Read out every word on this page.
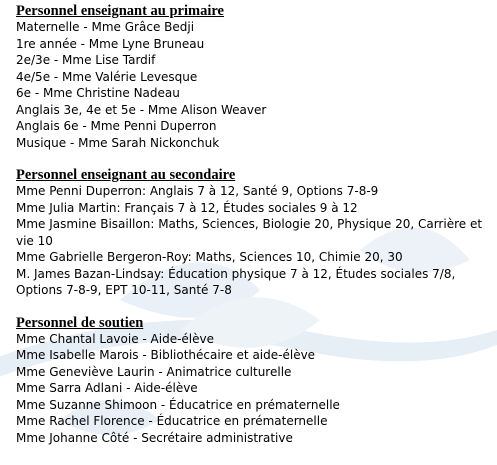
Personnel enseignant au primaire
Maternelle - Mme Grâce Bedji
1re année - Mme Lyne Bruneau
2e/3e - Mme Lise Tardif
4e/5e - Mme Valérie Levesque
6e - Mme Christine Nadeau
Anglais 3e, 4e et 5e - Mme Alison Weaver
Anglais 6e - Mme Penni Duperron
Musique - Mme Sarah Nickonchuk
Personnel enseignant au secondaire
Mme Penni Duperron: Anglais 7 à 12, Santé 9, Options 7-8-9
Mme Julia Martin: Français 7 à 12, Études sociales 9 à 12
Mme Jasmine Bisaillon: Maths, Sciences, Biologie 20, Physique 20, Carrière et vie 10
Mme Gabrielle Bergeron-Roy: Maths, Sciences 10, Chimie 20, 30
M. James Bazan-Lindsay: Éducation physique 7 à 12, Études sociales 7/8, Options 7-8-9, EPT 10-11, Santé 7-8
Personnel de soutien
Mme Chantal Lavoie - Aide-élève
Mme Isabelle Marois - Bibliothécaire et aide-élève
Mme Geneviève Laurin - Animatrice culturelle
Mme Sarra Adlani - Aide-élève
Mme Suzanne Shimoon - Éducatrice en prématernelle
Mme Rachel Florence - Éducatrice en prématernelle
Mme Johanne Côté - Secrétaire administrative
